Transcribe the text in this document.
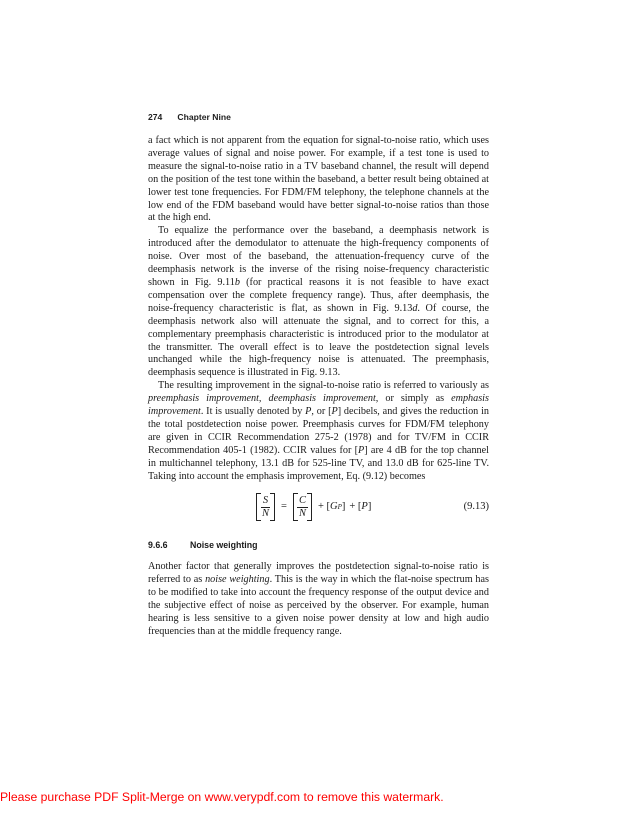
274 Chapter Nine

a fact which is not apparent from the equation for signal-to-noise ratio, which uses average values of signal and noise power. For example, if a test tone is used to measure the signal-to-noise ratio in a TV baseband channel, the result will depend on the position of the test tone within the baseband, a better result being obtained at lower test tone frequencies. For FDM/FM telephony, the telephone channels at the low end of the FDM baseband would have better signal-to-noise ratios than those at the high end.

To equalize the performance over the baseband, a deemphasis network is introduced after the demodulator to attenuate the high-frequency components of noise. Over most of the baseband, the attenuation-frequency curve of the deemphasis network is the inverse of the rising noise-frequency characteristic shown in Fig. 9.11b (for practical reasons it is not feasible to have exact compensation over the complete frequency range). Thus, after deemphasis, the noise-frequency characteristic is flat, as shown in Fig. 9.13d. Of course, the deemphasis network also will attenuate the signal, and to correct for this, a complementary preemphasis characteristic is introduced prior to the modulator at the transmitter. The overall effect is to leave the postdetection signal levels unchanged while the high-frequency noise is attenuated. The preemphasis, deemphasis sequence is illustrated in Fig. 9.13.

The resulting improvement in the signal-to-noise ratio is referred to variously as preemphasis improvement, deemphasis improvement, or simply as emphasis improvement. It is usually denoted by P, or [P] decibels, and gives the reduction in the total postdetection noise power. Preemphasis curves for FDM/FM telephony are given in CCIR Recommendation 275-2 (1978) and for TV/FM in CCIR Recommendation 405-1 (1982). CCIR values for [P] are 4 dB for the top channel in multichannel telephony, 13.1 dB for 525-line TV, and 13.0 dB for 625-line TV. Taking into account the emphasis improvement, Eq. (9.12) becomes

$\frac{S}{N} = \frac{C}{N}$ + [ G P ] + [ P ]	(9.13)
9.6.6	Noise weighting

Another factor that generally improves the postdetection signal-to-noise ratio is referred to as noise weighting. This is the way in which the flat-noise spectrum has to be modified to take into account the frequency response of the output device and the subjective effect of noise as perceived by the observer. For example, human hearing is less sensitive to a given noise power density at low and high audio frequencies than at the middle frequency range.

Please purchase PDF Split-Merge on www.verypdf.com to remove this watermark.
